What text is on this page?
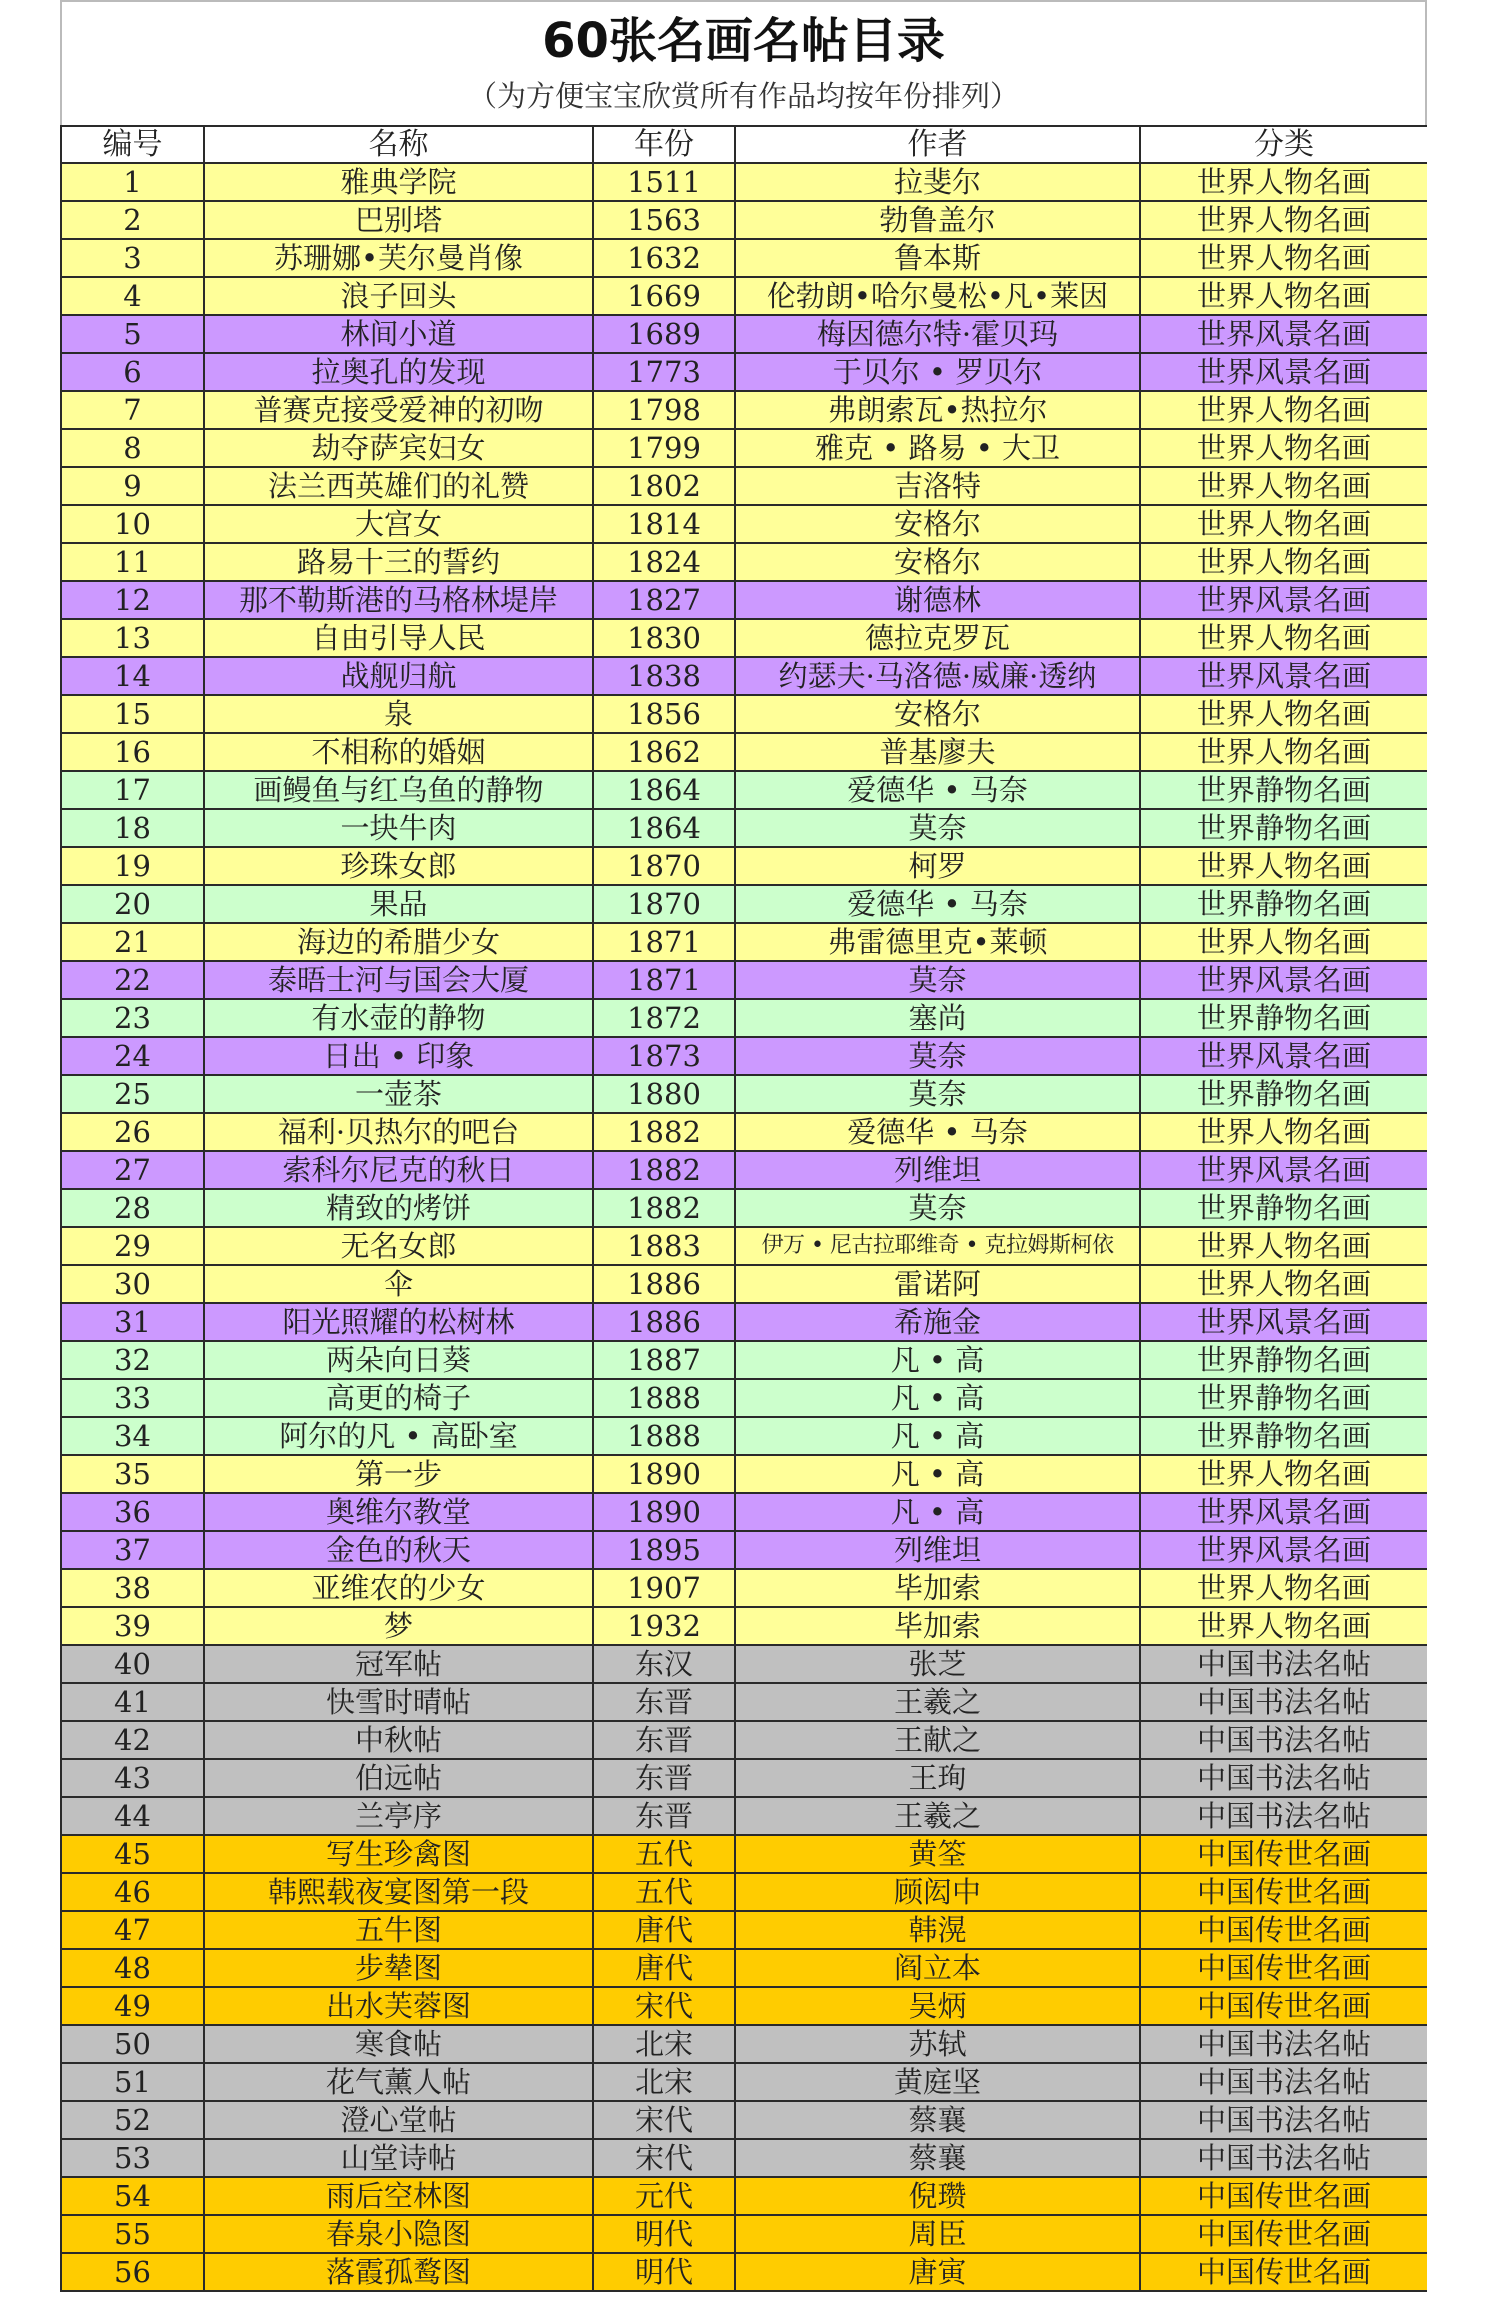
60张名画名帖目录
（为方便宝宝欣赏所有作品均按年份排列）
编号	名称	年份	作者	分类
1	雅典学院	1511	拉斐尔	世界人物名画
2	巴别塔	1563	勃鲁盖尔	世界人物名画
3	苏珊娜•芙尔曼肖像	1632	鲁本斯	世界人物名画
4	浪子回头	1669	伦勃朗•哈尔曼松•凡•莱因	世界人物名画
5	林间小道	1689	梅因德尔特·霍贝玛	世界风景名画
6	拉奥孔的发现	1773	于贝尔 • 罗贝尔	世界风景名画
7	普赛克接受爱神的初吻	1798	弗朗索瓦•热拉尔	世界人物名画
8	劫夺萨宾妇女	1799	雅克 • 路易 • 大卫	世界人物名画
9	法兰西英雄们的礼赞	1802	吉洛特	世界人物名画
10	大宫女	1814	安格尔	世界人物名画
11	路易十三的誓约	1824	安格尔	世界人物名画
12	那不勒斯港的马格林堤岸	1827	谢德林	世界风景名画
13	自由引导人民	1830	德拉克罗瓦	世界人物名画
14	战舰归航	1838	约瑟夫·马洛德·威廉·透纳	世界风景名画
15	泉	1856	安格尔	世界人物名画
16	不相称的婚姻	1862	普基廖夫	世界人物名画
17	画鳗鱼与红乌鱼的静物	1864	爱德华 • 马奈	世界静物名画
18	一块牛肉	1864	莫奈	世界静物名画
19	珍珠女郎	1870	柯罗	世界人物名画
20	果品	1870	爱德华 • 马奈	世界静物名画
21	海边的希腊少女	1871	弗雷德里克•莱顿	世界人物名画
22	泰晤士河与国会大厦	1871	莫奈	世界风景名画
23	有水壶的静物	1872	塞尚	世界静物名画
24	日出 • 印象	1873	莫奈	世界风景名画
25	一壶茶	1880	莫奈	世界静物名画
26	福利·贝热尔的吧台	1882	爱德华 • 马奈	世界人物名画
27	索科尔尼克的秋日	1882	列维坦	世界风景名画
28	精致的烤饼	1882	莫奈	世界静物名画
29	无名女郎	1883	伊万 • 尼古拉耶维奇 • 克拉姆斯柯依	世界人物名画
30	伞	1886	雷诺阿	世界人物名画
31	阳光照耀的松树林	1886	希施金	世界风景名画
32	两朵向日葵	1887	凡 • 高	世界静物名画
33	高更的椅子	1888	凡 • 高	世界静物名画
34	阿尔的凡 • 高卧室	1888	凡 • 高	世界静物名画
35	第一步	1890	凡 • 高	世界人物名画
36	奥维尔教堂	1890	凡 • 高	世界风景名画
37	金色的秋天	1895	列维坦	世界风景名画
38	亚维农的少女	1907	毕加索	世界人物名画
39	梦	1932	毕加索	世界人物名画
40	冠军帖	东汉	张芝	中国书法名帖
41	快雪时晴帖	东晋	王羲之	中国书法名帖
42	中秋帖	东晋	王献之	中国书法名帖
43	伯远帖	东晋	王珣	中国书法名帖
44	兰亭序	东晋	王羲之	中国书法名帖
45	写生珍禽图	五代	黄筌	中国传世名画
46	韩熙载夜宴图第一段	五代	顾闳中	中国传世名画
47	五牛图	唐代	韩滉	中国传世名画
48	步辇图	唐代	阎立本	中国传世名画
49	出水芙蓉图	宋代	吴炳	中国传世名画
50	寒食帖	北宋	苏轼	中国书法名帖
51	花气薰人帖	北宋	黄庭坚	中国书法名帖
52	澄心堂帖	宋代	蔡襄	中国书法名帖
53	山堂诗帖	宋代	蔡襄	中国书法名帖
54	雨后空林图	元代	倪瓒	中国传世名画
55	春泉小隐图	明代	周臣	中国传世名画
56	落霞孤鹜图	明代	唐寅	中国传世名画
